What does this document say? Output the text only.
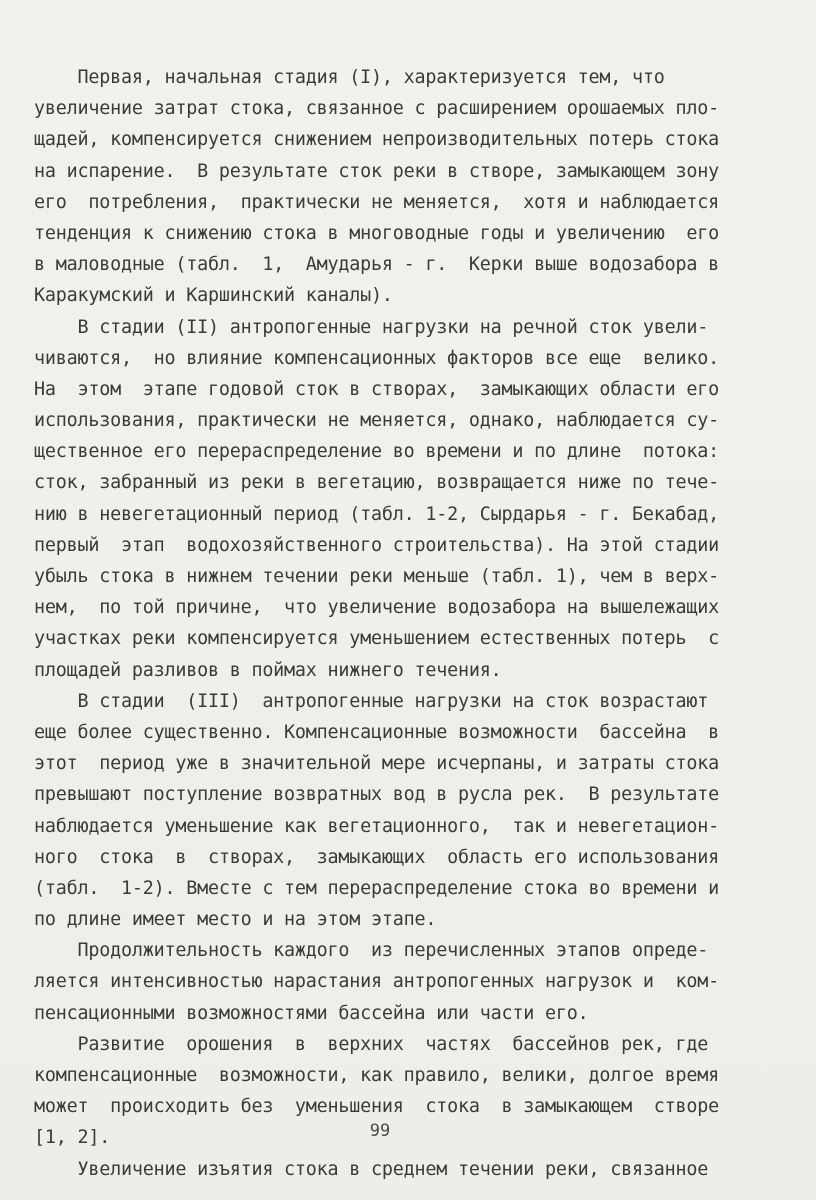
Первая, начальная стадия (I), характеризуется тем, что
увеличение затрат стока, связанное с расширением орошаемых пло-
щадей, компенсируется снижением непроизводительных потерь стока
на испарение.  В результате сток реки в створе, замыкающем зону
его  потребления,  практически не меняется,  хотя и наблюдается
тенденция к снижению стока в многоводные годы и увеличению  его
в маловодные (табл.  1,  Амударья - г.  Керки выше водозабора в
Каракумский и Каршинский каналы).
В стадии (II) антропогенные нагрузки на речной сток увели-
чиваются,  но влияние компенсационных факторов все еще  велико.
На  этом  этапе годовой сток в створах,  замыкающих области его
использования, практически не меняется, однако, наблюдается су-
щественное его перераспределение во времени и по длине  потока:
сток, забранный из реки в вегетацию, возвращается ниже по тече-
нию в невегетационный период (табл. 1-2, Сырдарья - г. Бекабад,
первый  этап  водохозяйственного строительства). На этой стадии
убыль стока в нижнем течении реки меньше (табл. 1), чем в верх-
нем,  по той причине,  что увеличение водозабора на вышележащих
участках реки компенсируется уменьшением естественных потерь  с
площадей разливов в поймах нижнего течения.
В стадии  (III)  антропогенные нагрузки на сток возрастают
еще более существенно. Компенсационные возможности  бассейна  в
этот  период уже в значительной мере исчерпаны, и затраты стока
превышают поступление возвратных вод в русла рек.  В результате
наблюдается уменьшение как вегетационного,  так и невегетацион-
ного  стока  в  створах,  замыкающих  область его использования
(табл.  1-2). Вместе с тем перераспределение стока во времени и
по длине имеет место и на этом этапе.
Продолжительность каждого  из перечисленных этапов опреде-
ляется интенсивностью нарастания антропогенных нагрузок и  ком-
пенсационными возможностями бассейна или части его.
Развитие  орошения  в  верхних  частях  бассейнов рек, где
компенсационные  возможности, как правило, велики, долгое время
может  происходить без  уменьшения  стока  в замыкающем  створе
[1, 2].
Увеличение изъятия стока в среднем течении реки, связанное
99
